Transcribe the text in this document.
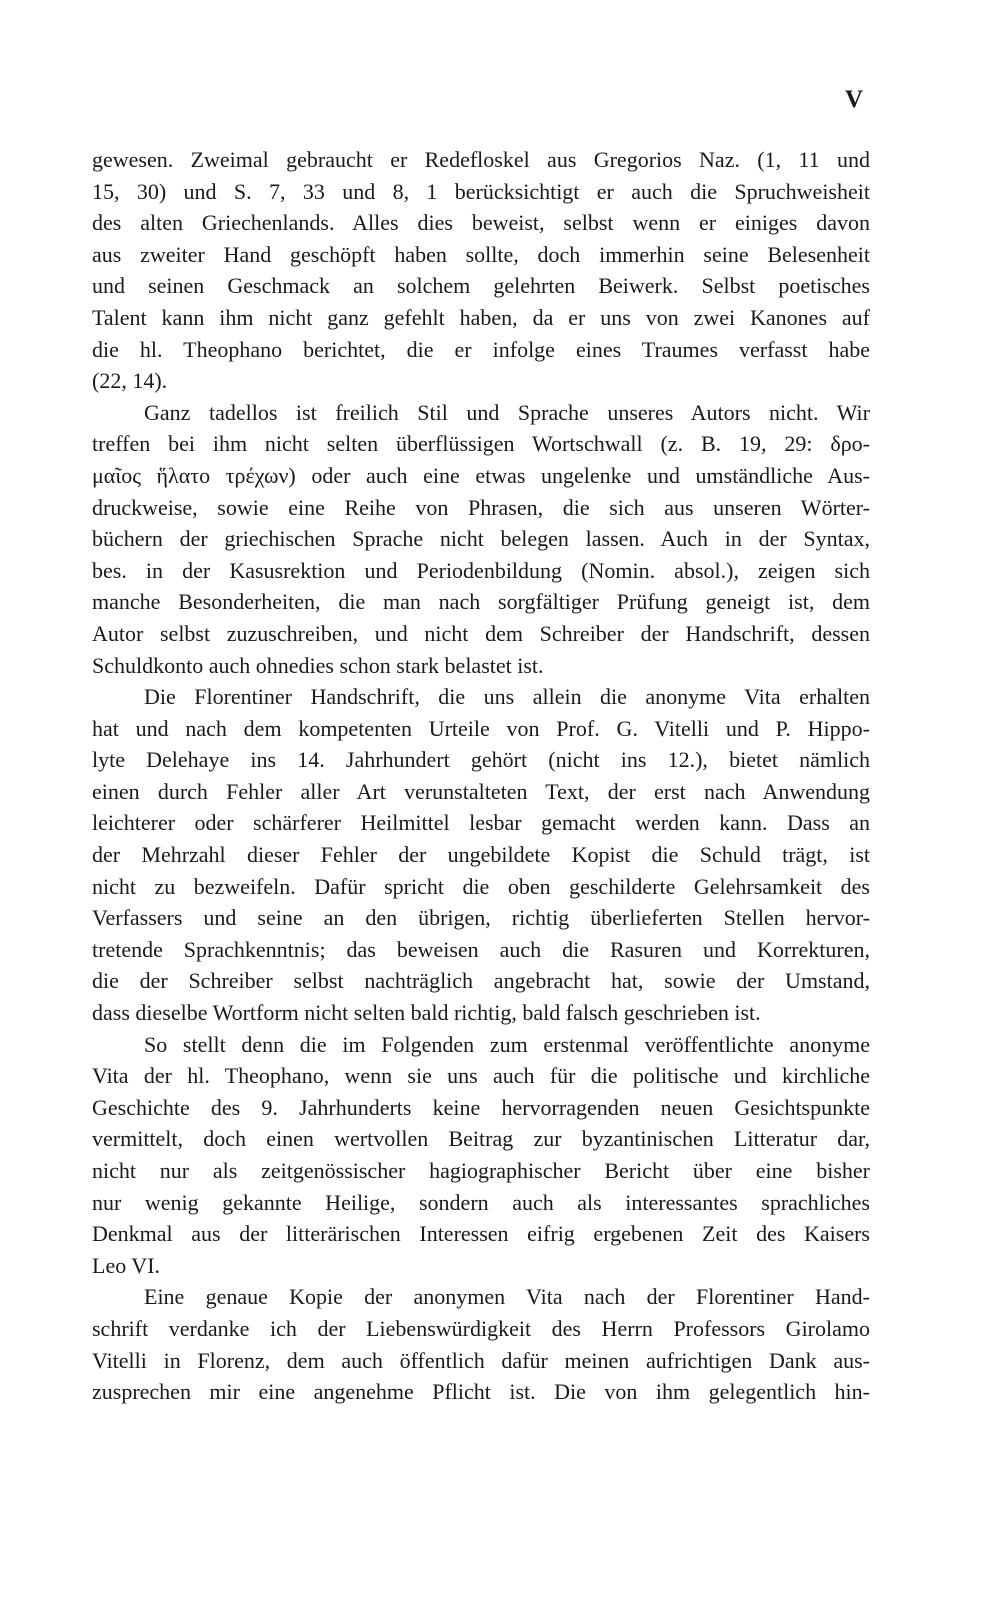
V
gewesen. Zweimal gebraucht er Redefloskel aus Gregorios Naz. (1, 11 und
15, 30) und S. 7, 33 und 8, 1 berücksichtigt er auch die Spruchweisheit
des alten Griechenlands. Alles dies beweist, selbst wenn er einiges davon
aus zweiter Hand geschöpft haben sollte, doch immerhin seine Belesenheit
und seinen Geschmack an solchem gelehrten Beiwerk. Selbst poetisches
Talent kann ihm nicht ganz gefehlt haben, da er uns von zwei Kanones auf
die hl. Theophano berichtet, die er infolge eines Traumes verfasst habe
(22, 14).
Ganz tadellos ist freilich Stil und Sprache unseres Autors nicht. Wir
treffen bei ihm nicht selten überflüssigen Wortschwall (z. B. 19, 29: δρο-
μαῖος ἥλατο τρέχων) oder auch eine etwas ungelenke und umständliche Aus-
druckweise, sowie eine Reihe von Phrasen, die sich aus unseren Wörter-
büchern der griechischen Sprache nicht belegen lassen. Auch in der Syntax,
bes. in der Kasusrektion und Periodenbildung (Nomin. absol.), zeigen sich
manche Besonderheiten, die man nach sorgfältiger Prüfung geneigt ist, dem
Autor selbst zuzuschreiben, und nicht dem Schreiber der Handschrift, dessen
Schuldkonto auch ohnedies schon stark belastet ist.
Die Florentiner Handschrift, die uns allein die anonyme Vita erhalten
hat und nach dem kompetenten Urteile von Prof. G. Vitelli und P. Hippo-
lyte Delehaye ins 14. Jahrhundert gehört (nicht ins 12.), bietet nämlich
einen durch Fehler aller Art verunstalteten Text, der erst nach Anwendung
leichterer oder schärferer Heilmittel lesbar gemacht werden kann. Dass an
der Mehrzahl dieser Fehler der ungebildete Kopist die Schuld trägt, ist
nicht zu bezweifeln. Dafür spricht die oben geschilderte Gelehrsamkeit des
Verfassers und seine an den übrigen, richtig überlieferten Stellen hervor-
tretende Sprachkenntnis; das beweisen auch die Rasuren und Korrekturen,
die der Schreiber selbst nachträglich angebracht hat, sowie der Umstand,
dass dieselbe Wortform nicht selten bald richtig, bald falsch geschrieben ist.
So stellt denn die im Folgenden zum erstenmal veröffentlichte anonyme
Vita der hl. Theophano, wenn sie uns auch für die politische und kirchliche
Geschichte des 9. Jahrhunderts keine hervorragenden neuen Gesichtspunkte
vermittelt, doch einen wertvollen Beitrag zur byzantinischen Litteratur dar,
nicht nur als zeitgenössischer hagiographischer Bericht über eine bisher
nur wenig gekannte Heilige, sondern auch als interessantes sprachliches
Denkmal aus der litterärischen Interessen eifrig ergebenen Zeit des Kaisers
Leo VI.
Eine genaue Kopie der anonymen Vita nach der Florentiner Hand-
schrift verdanke ich der Liebenswürdigkeit des Herrn Professors Girolamo
Vitelli in Florenz, dem auch öffentlich dafür meinen aufrichtigen Dank aus-
zusprechen mir eine angenehme Pflicht ist. Die von ihm gelegentlich hin-
